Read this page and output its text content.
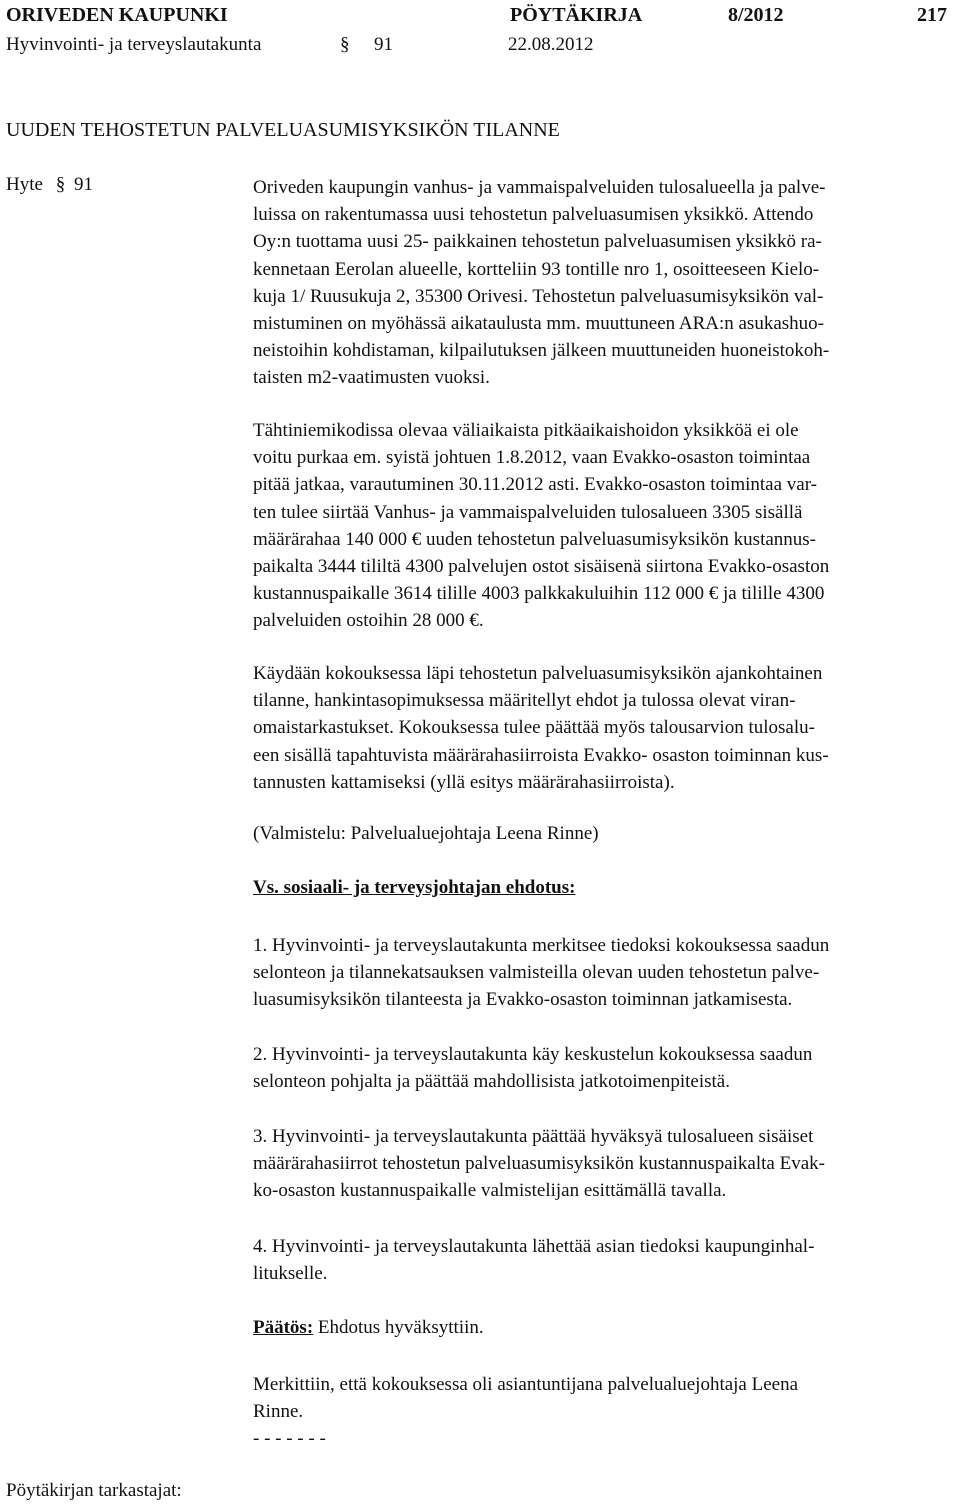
ORIVEDEN KAUPUNKI	PÖYTÄKIRJA	8/2012	217
Hyvinvointi- ja terveyslautakunta	§ 91	22.08.2012
UUDEN TEHOSTETUN PALVELUASUMISYKSIKÖN TILANNE
Hyte § 91	Oriveden kaupungin vanhus- ja vammaispalveluiden tulosalueella ja palve-
luissa on rakentumassa uusi tehostetun palveluasumisen yksikkö. Attendo
Oy:n tuottama uusi 25- paikkainen tehostetun palveluasumisen yksikkö ra-
kennetaan Eerolan alueelle, kortteliin 93 tontille nro 1, osoitteeseen Kielo-
kuja 1/ Ruusukuja 2, 35300 Orivesi. Tehostetun palveluasumisyksikön val-
mistuminen on myöhässä aikataulusta mm. muuttuneen ARA:n asukashuo-
neistoihin kohdistaman, kilpailutuksen jälkeen muuttuneiden huoneistokoh-
taisten m2-vaatimusten vuoksi.
Tähtiniemikodissa olevaa väliaikaista pitkäaikaishoidon yksikköä ei ole
voitu purkaa em. syistä johtuen 1.8.2012, vaan Evakko-osaston toimintaa
pitää jatkaa, varautuminen 30.11.2012 asti. Evakko-osaston toimintaa var-
ten tulee siirtää Vanhus- ja vammaispalveluiden tulosalueen 3305 sisällä
määrärahaa 140 000 € uuden tehostetun palveluasumisyksikön kustannus-
paikalta 3444 tililtä 4300 palvelujen ostot sisäisenä siirtona Evakko-osaston
kustannuspaikalle 3614 tilille 4003 palkkakuluihin 112 000 € ja tilille 4300
palveluiden ostoihin 28 000 €.
Käydään kokouksessa läpi tehostetun palveluasumisyksikön ajankohtainen
tilanne, hankintasopimuksessa määritellyt ehdot ja tulossa olevat viran-
omaistarkastukset. Kokouksessa tulee päättää myös talousarvion tulosalu-
een sisällä tapahtuvista määrärahasiirroista Evakko- osaston toiminnan kus-
tannusten kattamiseksi (yllä esitys määrärahasiirroista).
(Valmistelu: Palvelualuejohtaja Leena Rinne)
Vs. sosiaali- ja terveysjohtajan ehdotus:
1. Hyvinvointi- ja terveyslautakunta merkitsee tiedoksi kokouksessa saadun
selonteon ja tilannekatsauksen valmisteilla olevan uuden tehostetun palve-
luasumisyksikön tilanteesta ja Evakko-osaston toiminnan jatkamisesta.
2. Hyvinvointi- ja terveyslautakunta käy keskustelun kokouksessa saadun
selonteon pohjalta ja päättää mahdollisista jatkotoimenpiteistä.
3. Hyvinvointi- ja terveyslautakunta päättää hyväksyä tulosalueen sisäiset
määrärahasiirrot tehostetun palveluasumisyksikön kustannuspaikalta Evak-
ko-osaston kustannuspaikalle valmistelijan esittämällä tavalla.
4. Hyvinvointi- ja terveyslautakunta lähettää asian tiedoksi kaupunginhal-
litukselle.
Päätös: Ehdotus hyväksyttiin.
Merkittiin, että kokouksessa oli asiantuntijana palvelualuejohtaja Leena
Rinne.
- - - - - - -
Pöytäkirjan tarkastajat:
